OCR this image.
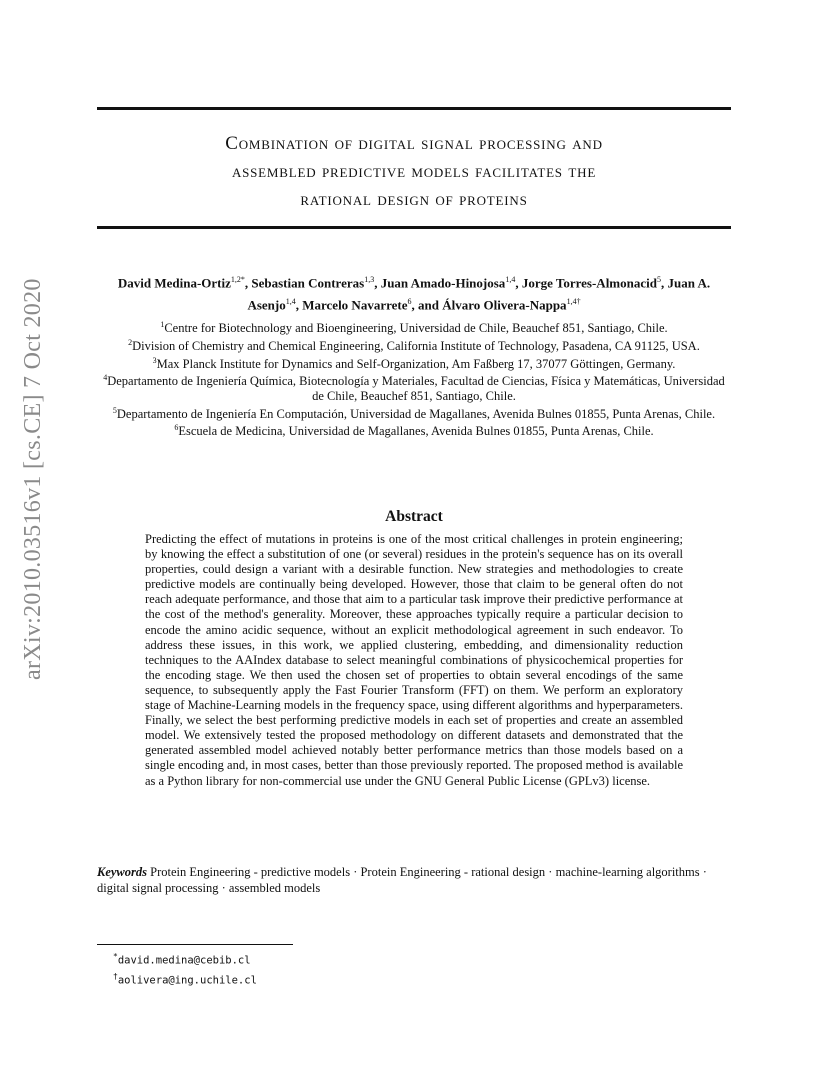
arXiv:2010.03516v1 [cs.CE] 7 Oct 2020
Combination of digital signal processing and
assembled predictive models facilitates the
rational design of proteins
David Medina-Ortiz$^{1,2*}$, Sebastian Contreras$^{1,3}$, Juan Amado-Hinojosa$^{1,4}$, Jorge Torres-Almonacid$^5$, Juan A. Asenjo$^{1,4}$, Marcelo Navarrete$^6$, and Álvaro Olivera-Nappa$^{1,4\dagger}$
$^1$Centre for Biotechnology and Bioengineering, Universidad de Chile, Beauchef 851, Santiago, Chile.
$^2$Division of Chemistry and Chemical Engineering, California Institute of Technology, Pasadena, CA 91125, USA.
$^3$Max Planck Institute for Dynamics and Self-Organization, Am Faßberg 17, 37077 Göttingen, Germany.
$^4$Departamento de Ingeniería Química, Biotecnología y Materiales, Facultad de Ciencias, Física y Matemáticas, Universidad de Chile, Beauchef 851, Santiago, Chile.
$^5$Departamento de Ingeniería En Computación, Universidad de Magallanes, Avenida Bulnes 01855, Punta Arenas, Chile.
$^6$Escuela de Medicina, Universidad de Magallanes, Avenida Bulnes 01855, Punta Arenas, Chile.
Abstract
Predicting the effect of mutations in proteins is one of the most critical challenges in protein engineering; by knowing the effect a substitution of one (or several) residues in the protein's sequence has on its overall properties, could design a variant with a desirable function. New strategies and methodologies to create predictive models are continually being developed. However, those that claim to be general often do not reach adequate performance, and those that aim to a particular task improve their predictive performance at the cost of the method's generality. Moreover, these approaches typically require a particular decision to encode the amino acidic sequence, without an explicit methodological agreement in such endeavor. To address these issues, in this work, we applied clustering, embedding, and dimensionality reduction techniques to the AAIndex database to select meaningful combinations of physicochemical properties for the encoding stage. We then used the chosen set of properties to obtain several encodings of the same sequence, to subsequently apply the Fast Fourier Transform (FFT) on them. We perform an exploratory stage of Machine-Learning models in the frequency space, using different algorithms and hyperparameters. Finally, we select the best performing predictive models in each set of properties and create an assembled model. We extensively tested the proposed methodology on different datasets and demonstrated that the generated assembled model achieved notably better performance metrics than those models based on a single encoding and, in most cases, better than those previously reported. The proposed method is available as a Python library for non-commercial use under the GNU General Public License (GPLv3) license.
Keywords Protein Engineering - predictive models · Protein Engineering - rational design · machine-learning algorithms · digital signal processing · assembled models
*david.medina@cebib.cl
†aolivera@ing.uchile.cl
